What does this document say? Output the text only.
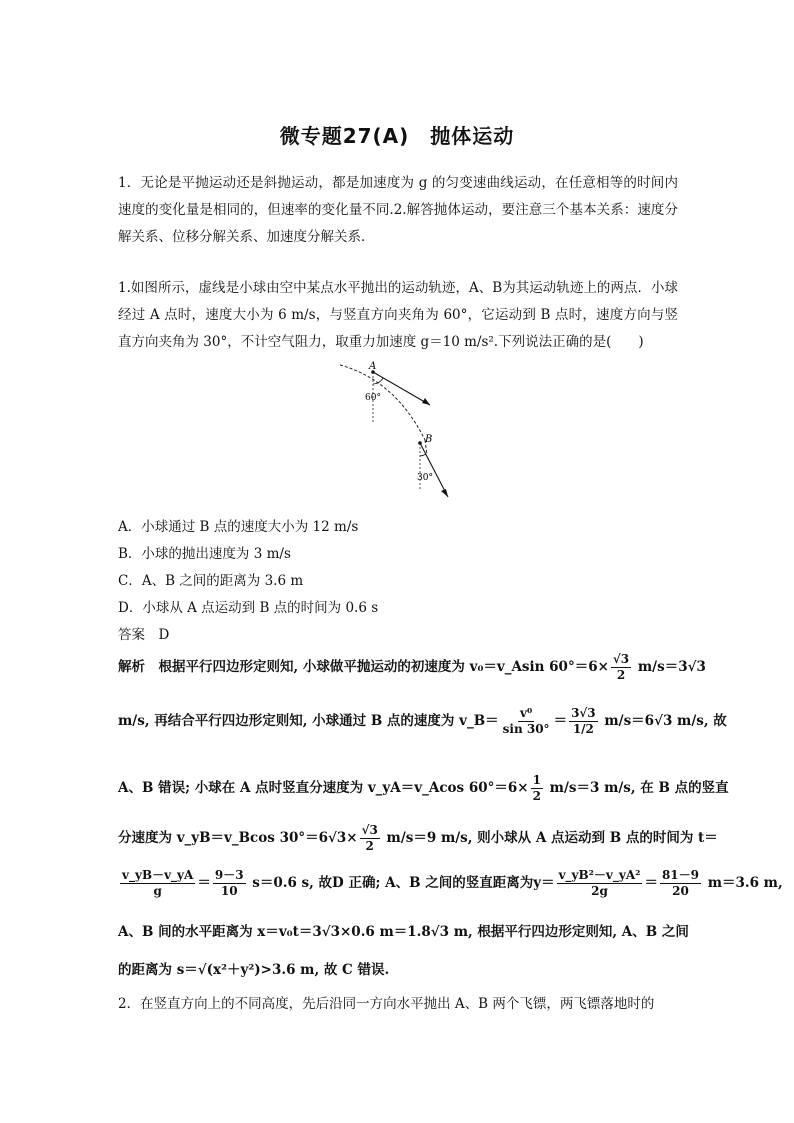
微专题27(A)　抛体运动

1．无论是平抛运动还是斜抛运动，都是加速度为 g 的匀变速曲线运动，在任意相等的时间内速度的变化量是相同的，但速率的变化量不同.2.解答抛体运动，要注意三个基本关系：速度分解关系、位移分解关系、加速度分解关系．

1.如图所示，虚线是小球由空中某点水平抛出的运动轨迹，A、B为其运动轨迹上的两点．小球经过 A 点时，速度大小为 6 m/s，与竖直方向夹角为 60°，它运动到 B 点时，速度方向与竖直方向夹角为 30°，不计空气阻力，取重力加速度 g＝10 m/s².下列说法正确的是(　　)

A
60°
B
30°
A．小球通过 B 点的速度大小为 12 m/s
B．小球的抛出速度为 3 m/s
C．A、B 之间的距离为 3.6 m
D．小球从 A 点运动到 B 点的时间为 0.6 s
答案　D
解析　根据平行四边形定则知, 小球做平抛运动的初速度为 v₀＝v_Asin $60^\circ=6\times \frac{√3}{2} m/s=3√3$
m/s, 再结合平行四边形定则知, 小球通过 B 点的速度为 v_B＝ $\frac{\text{v⁰}}{\sin 30^\circ} = \frac{3√3}{1/2} m/s=6√3$ m/s, 故
A、B 错误; 小球在 A 点时竖直分速度为 v_yA＝v_Acos $60^\circ=6\times \frac{1}{2} m/s=3$ m/s, 在 B 点的竖直
分速度为 v_yB＝v_Bcos $30^\circ=6√3\times \frac{√3}{2} m/s=9$ m/s, 则小球从 A 点运动到 B 点的时间为 t＝
$\frac{v\_yB-v\_yA}{g} = \frac{9-3}{10} s=0.6$ s, 故D 正确; A、B 之间的竖直距离为$y= \frac{\text{v\_yB²－v\_yA²}}{2g} = \frac{81-9}{20} m=3.6$ m,
A、B 间的水平距离为 x＝v₀t＝3√3×0.6 m＝1.8√3 m, 根据平行四边形定则知, A、B 之间
的距离为 s＝√(x²＋y²)>3.6 m, 故 C 错误.
2．在竖直方向上的不同高度，先后沿同一方向水平抛出 A、B 两个飞镖，两飞镖落地时的
